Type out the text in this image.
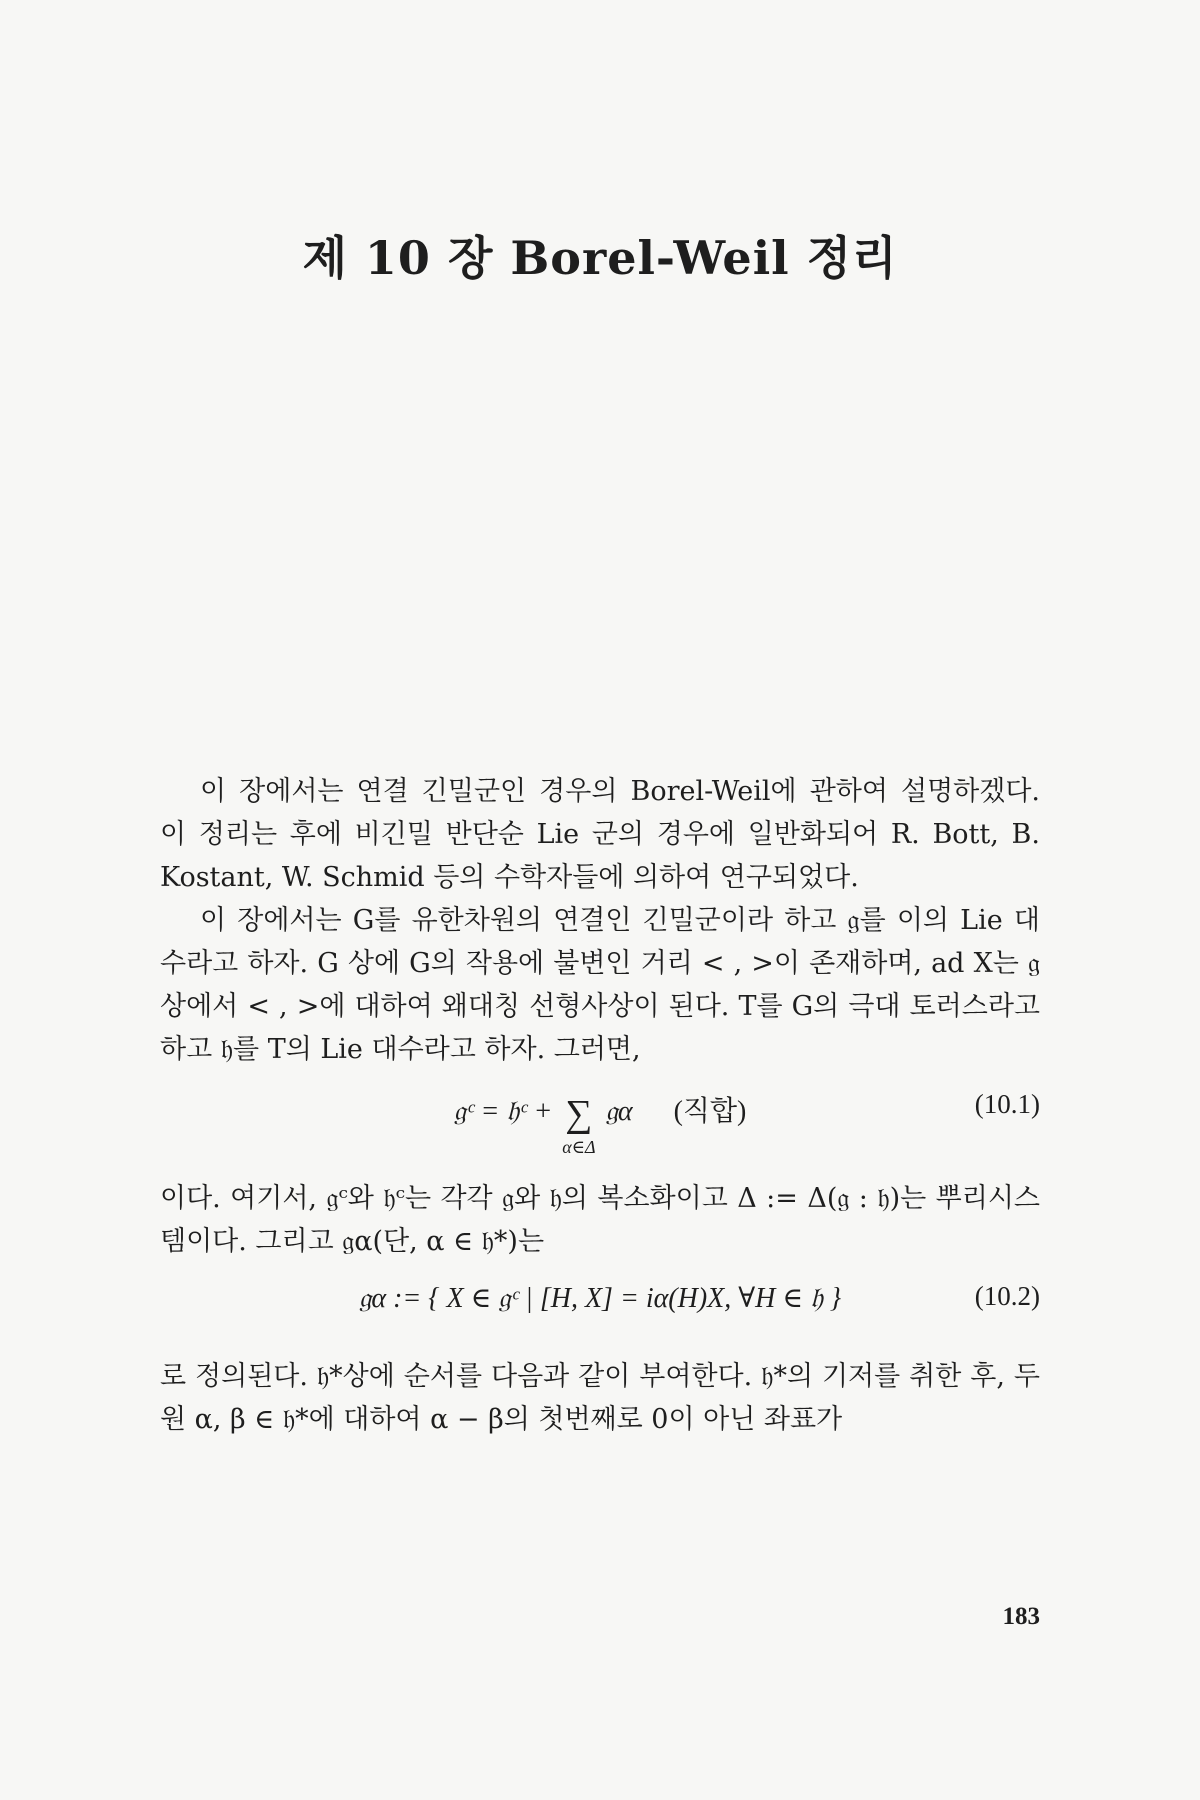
제 10 장 Borel-Weil 정리

이 장에서는 연결 긴밀군인 경우의 Borel-Weil에 관하여 설명하겠다. 이 정리는 후에 비긴밀 반단순 Lie 군의 경우에 일반화되어 R. Bott, B. Kostant, W. Schmid 등의 수학자들에 의하여 연구되었다.

이 장에서는 G를 유한차원의 연결인 긴밀군이라 하고 𝔤를 이의 Lie 대수라고 하자. G 상에 G의 작용에 불변인 거리 < , >이 존재하며, ad X는 𝔤상에서 < , >에 대하여 왜대칭 선형사상이 된다. T를 G의 극대 토러스라고 하고 𝔥를 T의 Lie 대수라고 하자. 그러면,

𝔤ᶜ = 𝔥ᶜ + ∑
α∈Δ
𝔤α (직합)	(10.1)

이다. 여기서, 𝔤ᶜ와 𝔥ᶜ는 각각 𝔤와 𝔥의 복소화이고 Δ := Δ(𝔤 : 𝔥)는 뿌리시스템이다. 그리고 𝔤α(단, α ∈ 𝔥*)는

𝔤α := { X ∈ 𝔤ᶜ | [H, X] = iα(H)X, ∀H ∈ 𝔥 }	(10.2)

로 정의된다. 𝔥*상에 순서를 다음과 같이 부여한다. 𝔥*의 기저를 취한 후, 두 원 α, β ∈ 𝔥*에 대하여 α − β의 첫번째로 0이 아닌 좌표가

183
